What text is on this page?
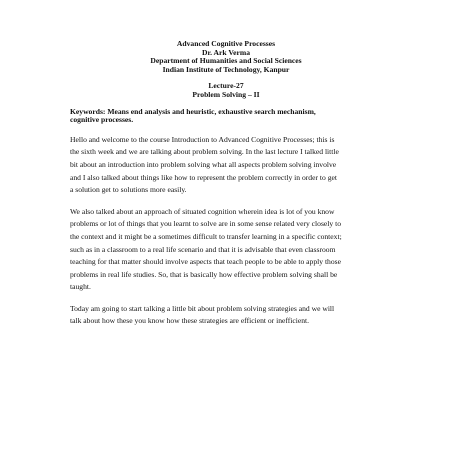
Advanced Cognitive Processes
Dr. Ark Verma
Department of Humanities and Social Sciences
Indian Institute of Technology, Kanpur
Lecture-27
Problem Solving – II
Keywords: Means end analysis and heuristic, exhaustive search mechanism,
cognitive processes.
Hello and welcome to the course Introduction to Advanced Cognitive Processes; this is
the sixth week and we are talking about problem solving. In the last lecture I talked little
bit about an introduction into problem solving what all aspects problem solving involve
and I also talked about things like how to represent the problem correctly in order to get
a solution get to solutions more easily.
We also talked about an approach of situated cognition wherein idea is lot of you know
problems or lot of things that you learnt to solve are in some sense related very closely to
the context and it might be a sometimes difficult to transfer learning in a specific context;
such as in a classroom to a real life scenario and that it is advisable that even classroom
teaching for that matter should involve aspects that teach people to be able to apply those
problems in real life studies. So, that is basically how effective problem solving shall be
taught.
Today am going to start talking a little bit about problem solving strategies and we will
talk about how these you know how these strategies are efficient or inefficient.
